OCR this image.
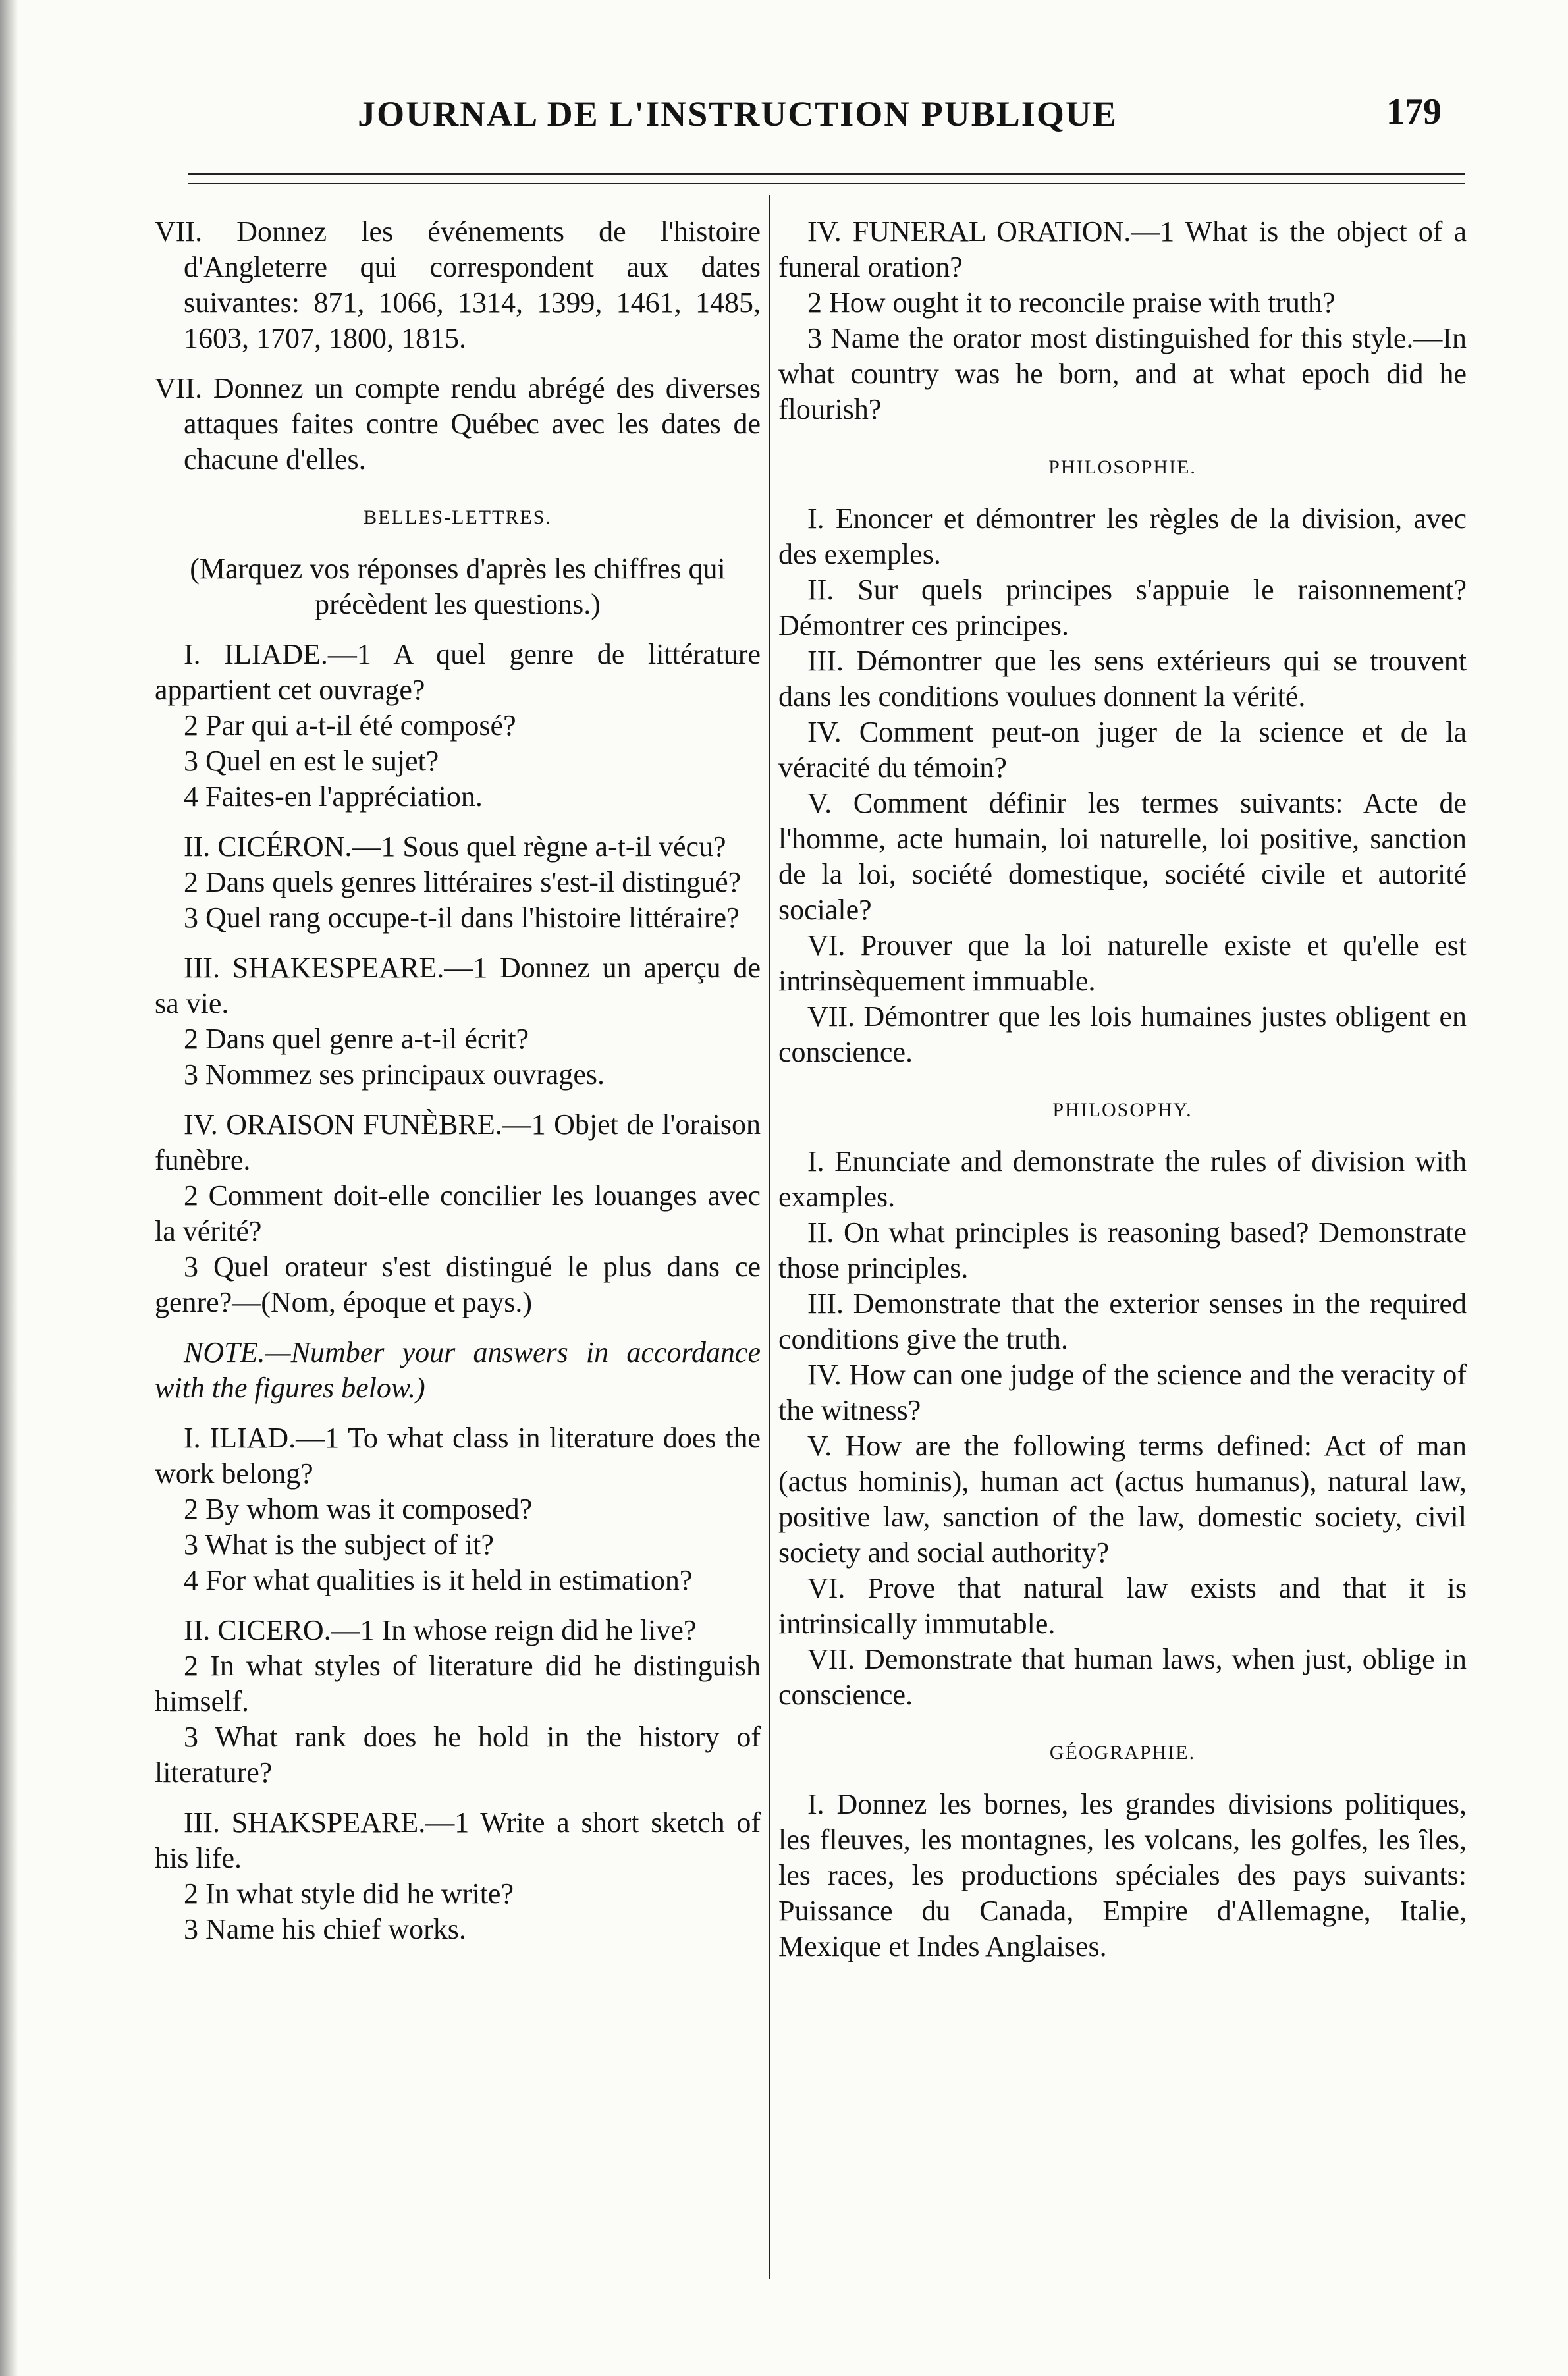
JOURNAL DE L'INSTRUCTION PUBLIQUE	179

VII. Donnez les événements de l'histoire d'Angleterre qui correspondent aux dates suivantes: 871, 1066, 1314, 1399, 1461, 1485, 1603, 1707, 1800, 1815.

VII. Donnez un compte rendu abrégé des diverses attaques faites contre Québec avec les dates de chacune d'elles.

BELLES-LETTRES.

(Marquez vos réponses d'après les chiffres qui précèdent les questions.)

I. ILIADE.—1 A quel genre de littérature appartient cet ouvrage?

2 Par qui a-t-il été composé?

3 Quel en est le sujet?

4 Faites-en l'appréciation.

II. CICÉRON.—1 Sous quel règne a-t-il vécu?

2 Dans quels genres littéraires s'est-il distingué?

3 Quel rang occupe-t-il dans l'histoire littéraire?

III. SHAKESPEARE.—1 Donnez un aperçu de sa vie.

2 Dans quel genre a-t-il écrit?

3 Nommez ses principaux ouvrages.

IV. ORAISON FUNÈBRE.—1 Objet de l'oraison funèbre.

2 Comment doit-elle concilier les louanges avec la vérité?

3 Quel orateur s'est distingué le plus dans ce genre?—(Nom, époque et pays.)

NOTE.—Number your answers in accordance with the figures below.)

I. ILIAD.—1 To what class in literature does the work belong?

2 By whom was it composed?

3 What is the subject of it?

4 For what qualities is it held in estimation?

II. CICERO.—1 In whose reign did he live?

2 In what styles of literature did he distinguish himself.

3 What rank does he hold in the history of literature?

III. SHAKSPEARE.—1 Write a short sketch of his life.

2 In what style did he write?

3 Name his chief works.

IV. FUNERAL ORATION.—1 What is the object of a funeral oration?

2 How ought it to reconcile praise with truth?

3 Name the orator most distinguished for this style.—In what country was he born, and at what epoch did he flourish?

PHILOSOPHIE.

I. Enoncer et démontrer les règles de la division, avec des exemples.

II. Sur quels principes s'appuie le raisonnement? Démontrer ces principes.

III. Démontrer que les sens extérieurs qui se trouvent dans les conditions voulues donnent la vérité.

IV. Comment peut-on juger de la science et de la véracité du témoin?

V. Comment définir les termes suivants: Acte de l'homme, acte humain, loi naturelle, loi positive, sanction de la loi, société domestique, société civile et autorité sociale?

VI. Prouver que la loi naturelle existe et qu'elle est intrinsèquement immuable.

VII. Démontrer que les lois humaines justes obligent en conscience.

PHILOSOPHY.

I. Enunciate and demonstrate the rules of division with examples.

II. On what principles is reasoning based? Demonstrate those principles.

III. Demonstrate that the exterior senses in the required conditions give the truth.

IV. How can one judge of the science and the veracity of the witness?

V. How are the following terms defined: Act of man (actus hominis), human act (actus humanus), natural law, positive law, sanction of the law, domestic society, civil society and social authority?

VI. Prove that natural law exists and that it is intrinsically immutable.

VII. Demonstrate that human laws, when just, oblige in conscience.

GÉOGRAPHIE.

I. Donnez les bornes, les grandes divisions politiques, les fleuves, les montagnes, les volcans, les golfes, les îles, les races, les productions spéciales des pays suivants: Puissance du Canada, Empire d'Allemagne, Italie, Mexique et Indes Anglaises.
